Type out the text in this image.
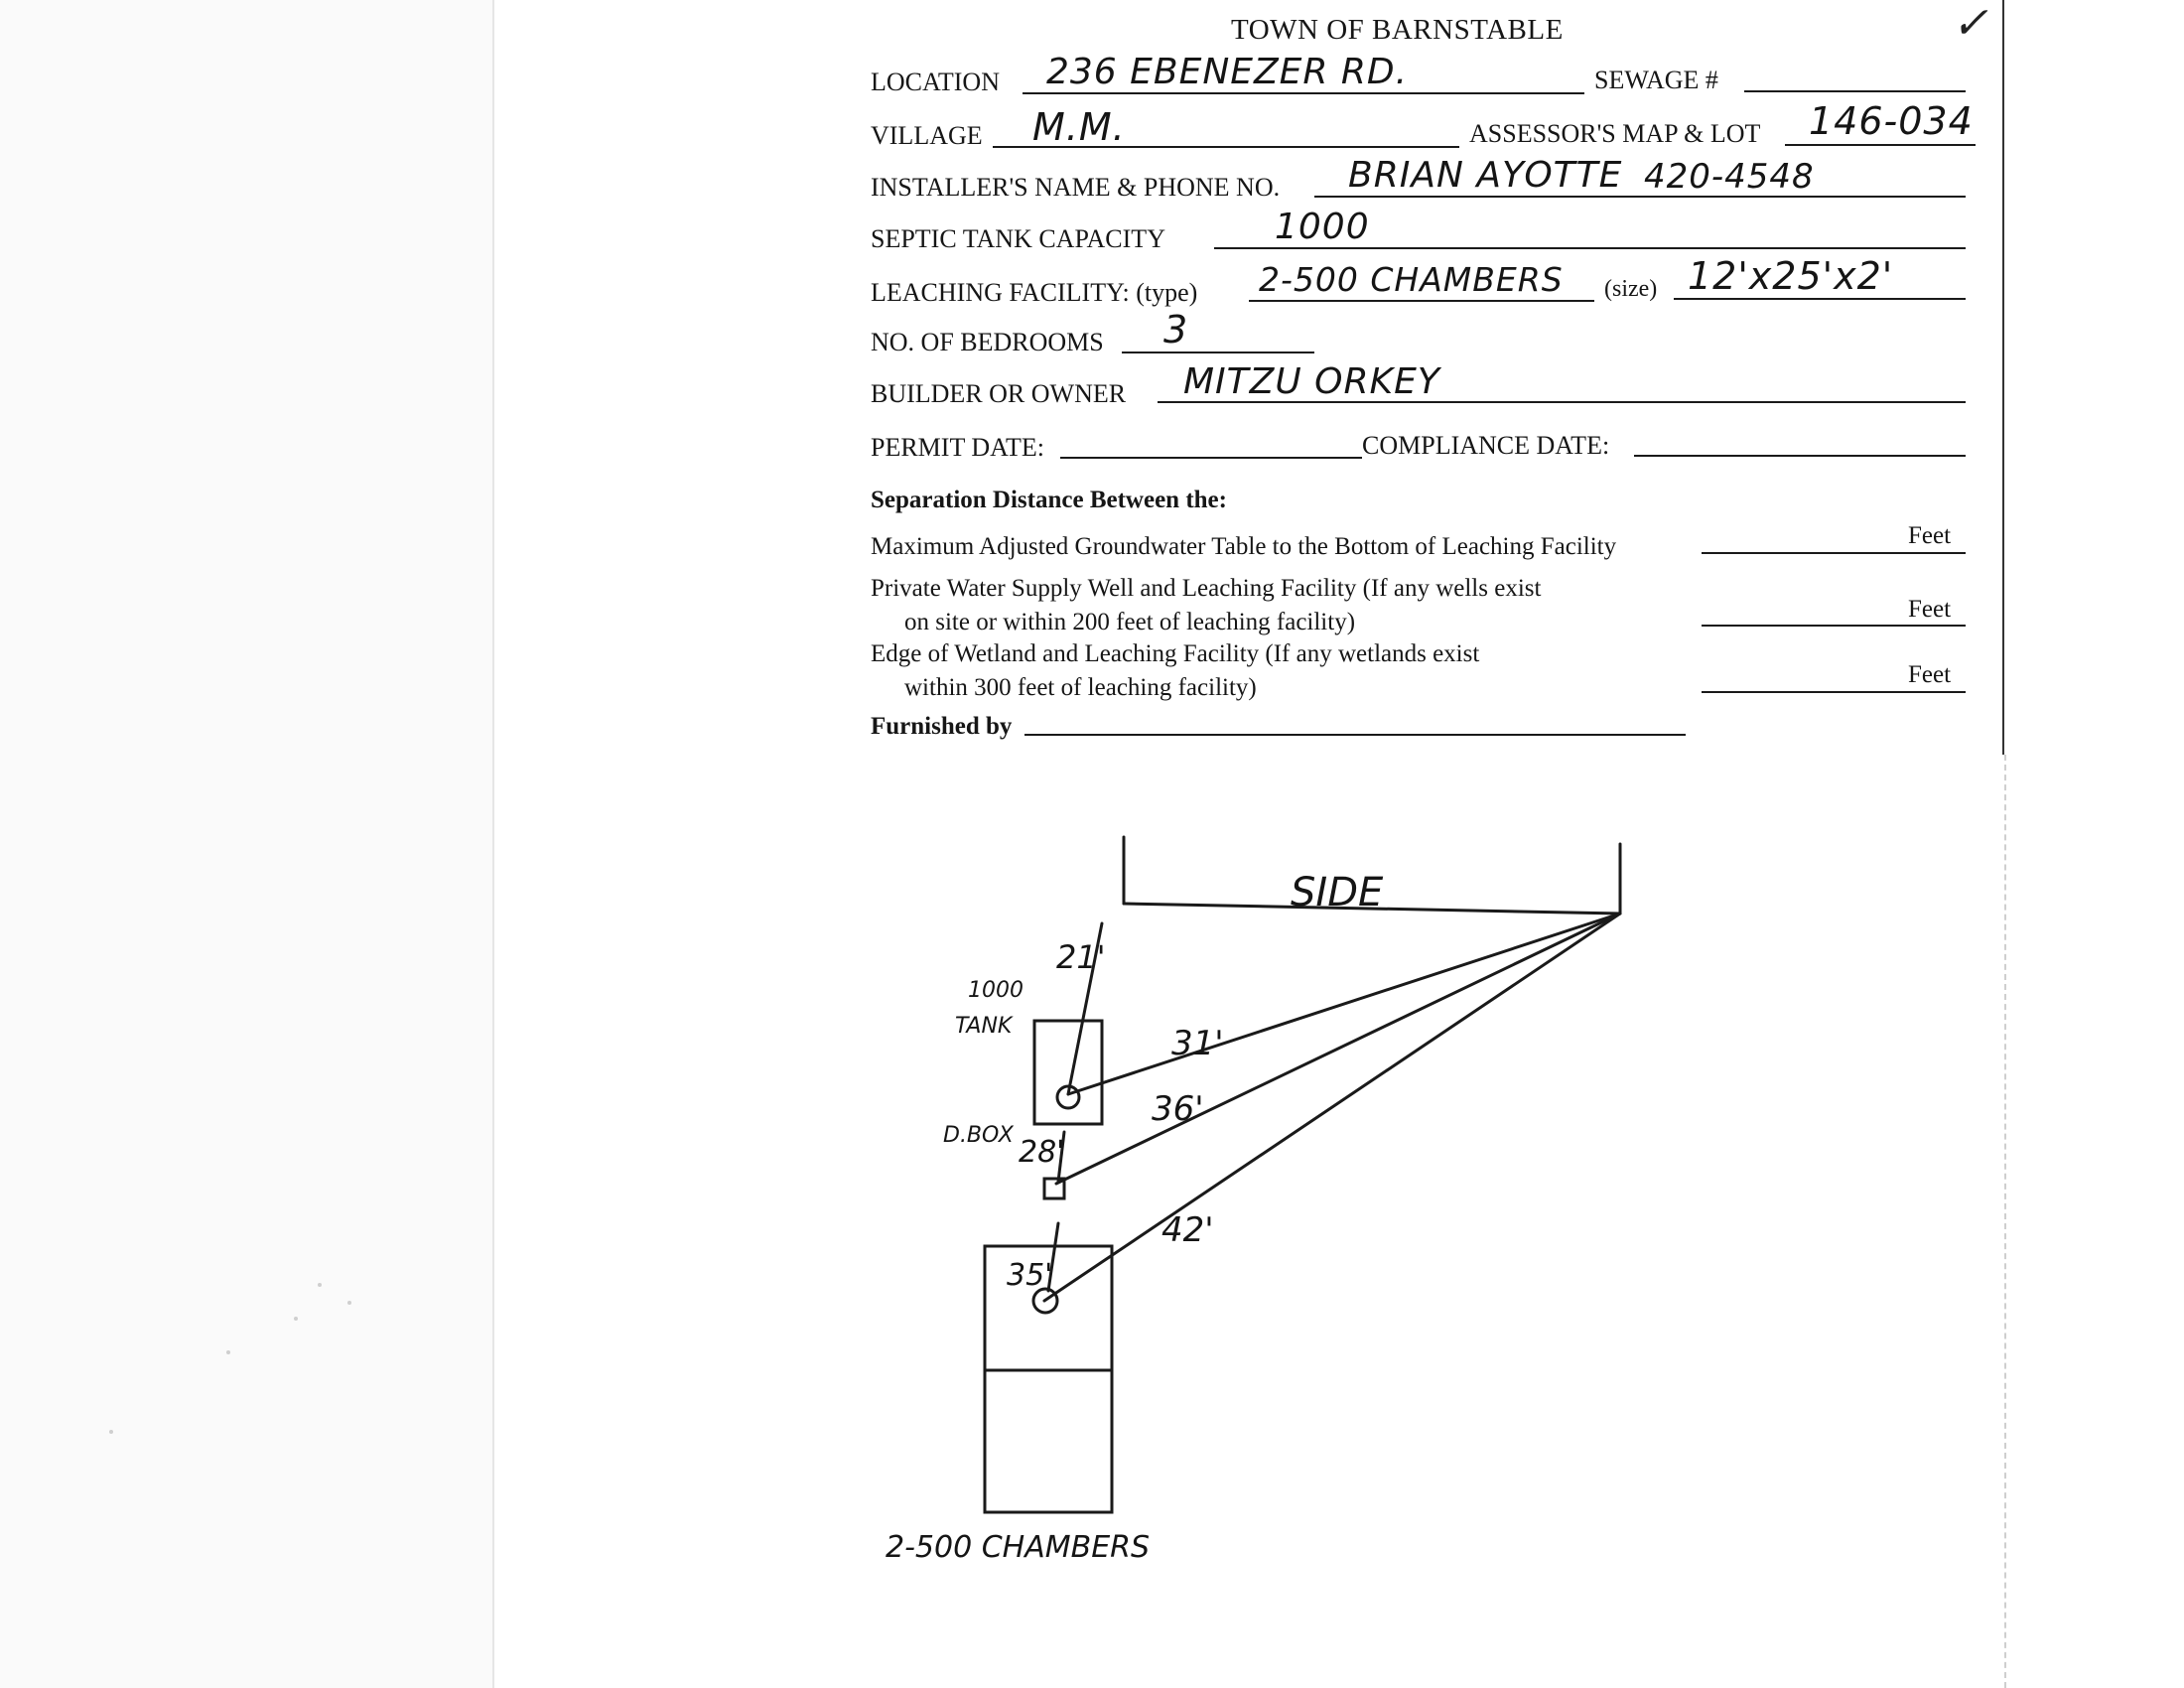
TOWN OF BARNSTABLE	✓
LOCATION 236 EBENEZER RD.	SEWAGE #
VILLAGE M.M.	ASSESSOR'S MAP & LOT 146-034
INSTALLER'S NAME & PHONE NO. BRIAN AYOTTE 420-4548
SEPTIC TANK CAPACITY	1000
LEACHING FACILITY: (type) 2-500 CHAMBERS (size) 12'x25'x2'
NO. OF BEDROOMS 3
BUILDER OR OWNER MITZU ORKEY
PERMIT DATE:	COMPLIANCE DATE:
Separation Distance Between the:
Maximum Adjusted Groundwater Table to the Bottom of Leaching Facility	Feet
Private Water Supply Well and Leaching Facility (If any wells exist
on site or within 200 feet of leaching facility)	Feet
Edge of Wetland and Leaching Facility (If any wetlands exist
within 300 feet of leaching facility)	Feet
Furnished by
SIDE
1000
TANK
21'
31'
36'
D.BOX 28'
42'
35'
2-500 CHAMBERS
